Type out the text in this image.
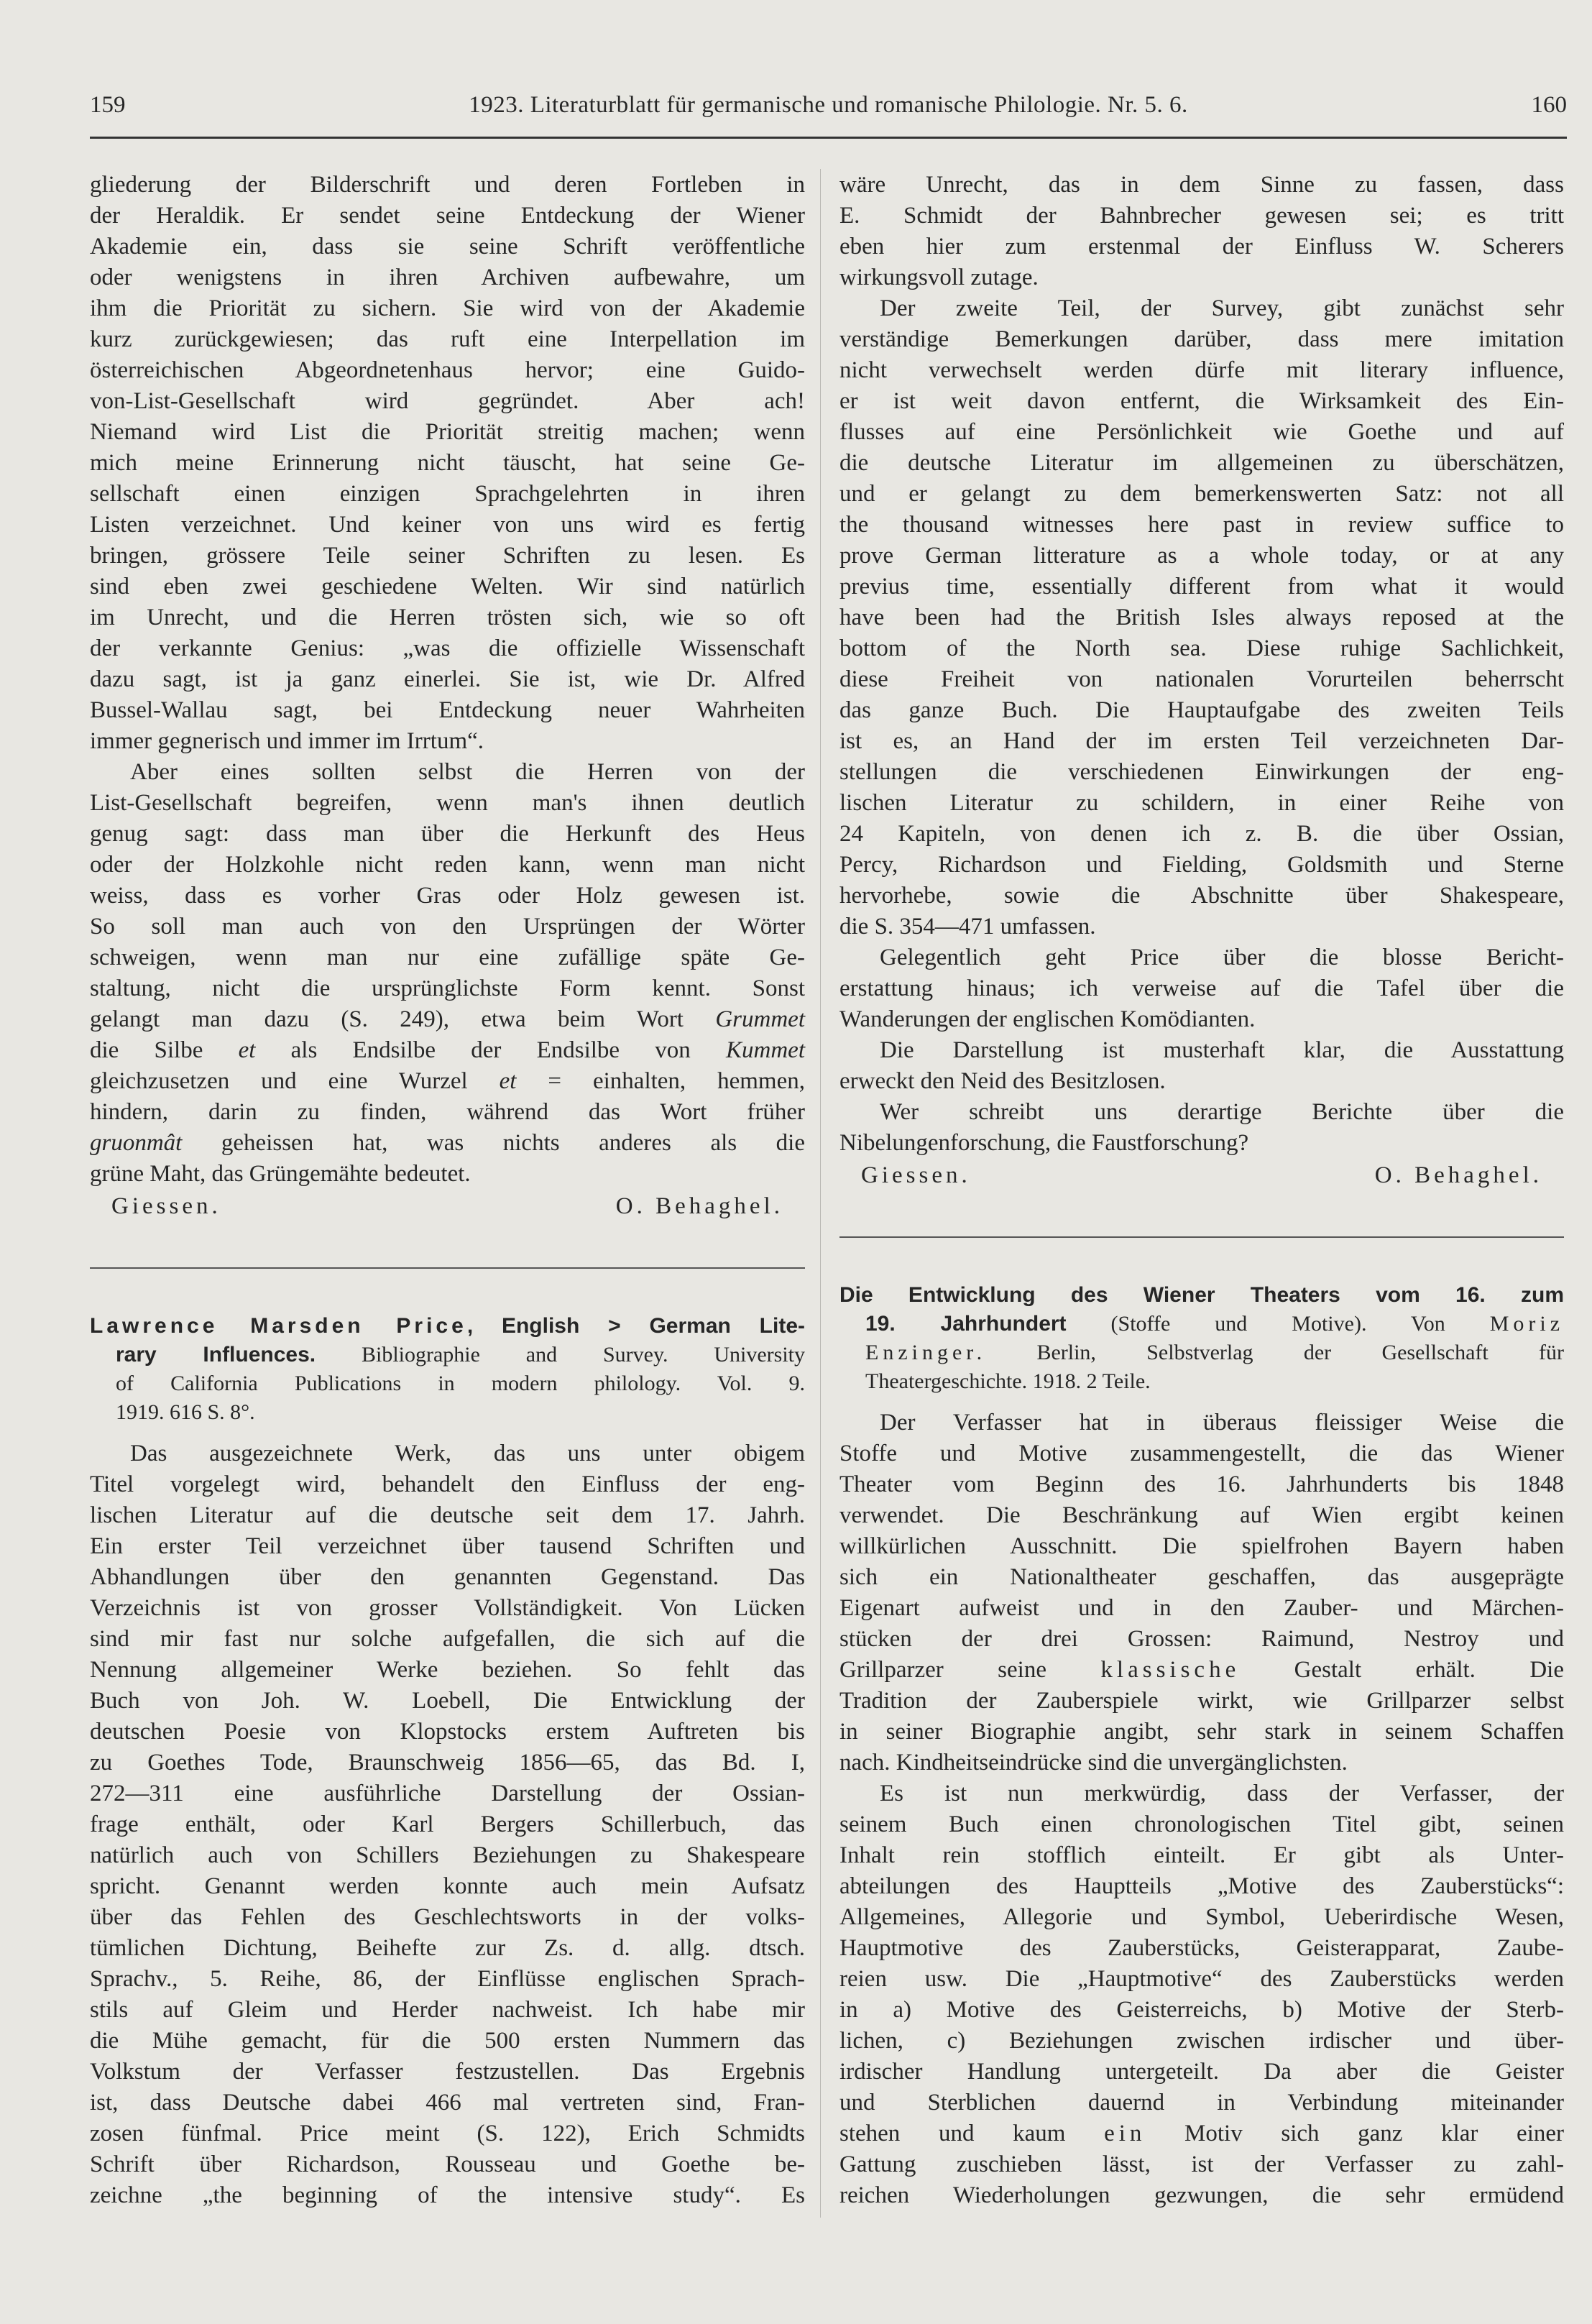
159	1923. Literaturblatt für germanische und romanische Philologie. Nr. 5. 6.	160
gliederung der Bilderschrift und deren Fortleben in
der Heraldik. Er sendet seine Entdeckung der Wiener
Akademie ein, dass sie seine Schrift veröffentliche
oder wenigstens in ihren Archiven aufbewahre, um
ihm die Priorität zu sichern. Sie wird von der Akademie
kurz zurückgewiesen; das ruft eine Interpellation im
österreichischen Abgeordnetenhaus hervor; eine Guido-
von-List-Gesellschaft wird gegründet. Aber ach!
Niemand wird List die Priorität streitig machen; wenn
mich meine Erinnerung nicht täuscht, hat seine Ge-
sellschaft einen einzigen Sprachgelehrten in ihren
Listen verzeichnet. Und keiner von uns wird es fertig
bringen, grössere Teile seiner Schriften zu lesen. Es
sind eben zwei geschiedene Welten. Wir sind natürlich
im Unrecht, und die Herren trösten sich, wie so oft
der verkannte Genius: „was die offizielle Wissenschaft
dazu sagt, ist ja ganz einerlei. Sie ist, wie Dr. Alfred
Bussel-Wallau sagt, bei Entdeckung neuer Wahrheiten
immer gegnerisch und immer im Irrtum“.
Aber eines sollten selbst die Herren von der
List-Gesellschaft begreifen, wenn man's ihnen deutlich
genug sagt: dass man über die Herkunft des Heus
oder der Holzkohle nicht reden kann, wenn man nicht
weiss, dass es vorher Gras oder Holz gewesen ist.
So soll man auch von den Ursprüngen der Wörter
schweigen, wenn man nur eine zufällige späte Ge-
staltung, nicht die ursprünglichste Form kennt. Sonst
gelangt man dazu (S. 249), etwa beim Wort Grummet
die Silbe et als Endsilbe der Endsilbe von Kummet
gleichzusetzen und eine Wurzel et = einhalten, hemmen,
hindern, darin zu finden, während das Wort früher
gruonmât geheissen hat, was nichts anderes als die
grüne Maht, das Grüngemähte bedeutet.
Giessen.	O. Behaghel.
Lawrence Marsden Price, English > German Lite-
rary Influences. Bibliographie and Survey. University
of California Publications in modern philology. Vol. 9.
1919. 616 S. 8°.
Das ausgezeichnete Werk, das uns unter obigem
Titel vorgelegt wird, behandelt den Einfluss der eng-
lischen Literatur auf die deutsche seit dem 17. Jahrh.
Ein erster Teil verzeichnet über tausend Schriften und
Abhandlungen über den genannten Gegenstand. Das
Verzeichnis ist von grosser Vollständigkeit. Von Lücken
sind mir fast nur solche aufgefallen, die sich auf die
Nennung allgemeiner Werke beziehen. So fehlt das
Buch von Joh. W. Loebell, Die Entwicklung der
deutschen Poesie von Klopstocks erstem Auftreten bis
zu Goethes Tode, Braunschweig 1856—65, das Bd. I,
272—311 eine ausführliche Darstellung der Ossian-
frage enthält, oder Karl Bergers Schillerbuch, das
natürlich auch von Schillers Beziehungen zu Shakespeare
spricht. Genannt werden konnte auch mein Aufsatz
über das Fehlen des Geschlechtsworts in der volks-
tümlichen Dichtung, Beihefte zur Zs. d. allg. dtsch.
Sprachv., 5. Reihe, 86, der Einflüsse englischen Sprach-
stils auf Gleim und Herder nachweist. Ich habe mir
die Mühe gemacht, für die 500 ersten Nummern das
Volkstum der Verfasser festzustellen. Das Ergebnis
ist, dass Deutsche dabei 466 mal vertreten sind, Fran-
zosen fünfmal. Price meint (S. 122), Erich Schmidts
Schrift über Richardson, Rousseau und Goethe be-
zeichne „the beginning of the intensive study“. Es
wäre Unrecht, das in dem Sinne zu fassen, dass
E. Schmidt der Bahnbrecher gewesen sei; es tritt
eben hier zum erstenmal der Einfluss W. Scherers
wirkungsvoll zutage.
Der zweite Teil, der Survey, gibt zunächst sehr
verständige Bemerkungen darüber, dass mere imitation
nicht verwechselt werden dürfe mit literary influence,
er ist weit davon entfernt, die Wirksamkeit des Ein-
flusses auf eine Persönlichkeit wie Goethe und auf
die deutsche Literatur im allgemeinen zu überschätzen,
und er gelangt zu dem bemerkenswerten Satz: not all
the thousand witnesses here past in review suffice to
prove German litterature as a whole today, or at any
previus time, essentially different from what it would
have been had the British Isles always reposed at the
bottom of the North sea. Diese ruhige Sachlichkeit,
diese Freiheit von nationalen Vorurteilen beherrscht
das ganze Buch. Die Hauptaufgabe des zweiten Teils
ist es, an Hand der im ersten Teil verzeichneten Dar-
stellungen die verschiedenen Einwirkungen der eng-
lischen Literatur zu schildern, in einer Reihe von
24 Kapiteln, von denen ich z. B. die über Ossian,
Percy, Richardson und Fielding, Goldsmith und Sterne
hervorhebe, sowie die Abschnitte über Shakespeare,
die S. 354—471 umfassen.
Gelegentlich geht Price über die blosse Bericht-
erstattung hinaus; ich verweise auf die Tafel über die
Wanderungen der englischen Komödianten.
Die Darstellung ist musterhaft klar, die Ausstattung
erweckt den Neid des Besitzlosen.
Wer schreibt uns derartige Berichte über die
Nibelungenforschung, die Faustforschung?
Giessen.	O. Behaghel.
Die Entwicklung des Wiener Theaters vom 16. zum
19. Jahrhundert (Stoffe und Motive). Von Moriz
Enzinger. Berlin, Selbstverlag der Gesellschaft für
Theatergeschichte. 1918. 2 Teile.
Der Verfasser hat in überaus fleissiger Weise die
Stoffe und Motive zusammengestellt, die das Wiener
Theater vom Beginn des 16. Jahrhunderts bis 1848
verwendet. Die Beschränkung auf Wien ergibt keinen
willkürlichen Ausschnitt. Die spielfrohen Bayern haben
sich ein Nationaltheater geschaffen, das ausgeprägte
Eigenart aufweist und in den Zauber- und Märchen-
stücken der drei Grossen: Raimund, Nestroy und
Grillparzer seine klassische Gestalt erhält. Die
Tradition der Zauberspiele wirkt, wie Grillparzer selbst
in seiner Biographie angibt, sehr stark in seinem Schaffen
nach. Kindheitseindrücke sind die unvergänglichsten.
Es ist nun merkwürdig, dass der Verfasser, der
seinem Buch einen chronologischen Titel gibt, seinen
Inhalt rein stofflich einteilt. Er gibt als Unter-
abteilungen des Hauptteils „Motive des Zauberstücks“:
Allgemeines, Allegorie und Symbol, Ueberirdische Wesen,
Hauptmotive des Zauberstücks, Geisterapparat, Zaube-
reien usw. Die „Hauptmotive“ des Zauberstücks werden
in a) Motive des Geisterreichs, b) Motive der Sterb-
lichen, c) Beziehungen zwischen irdischer und über-
irdischer Handlung untergeteilt. Da aber die Geister
und Sterblichen dauernd in Verbindung miteinander
stehen und kaum ein Motiv sich ganz klar einer
Gattung zuschieben lässt, ist der Verfasser zu zahl-
reichen Wiederholungen gezwungen, die sehr ermüdend
